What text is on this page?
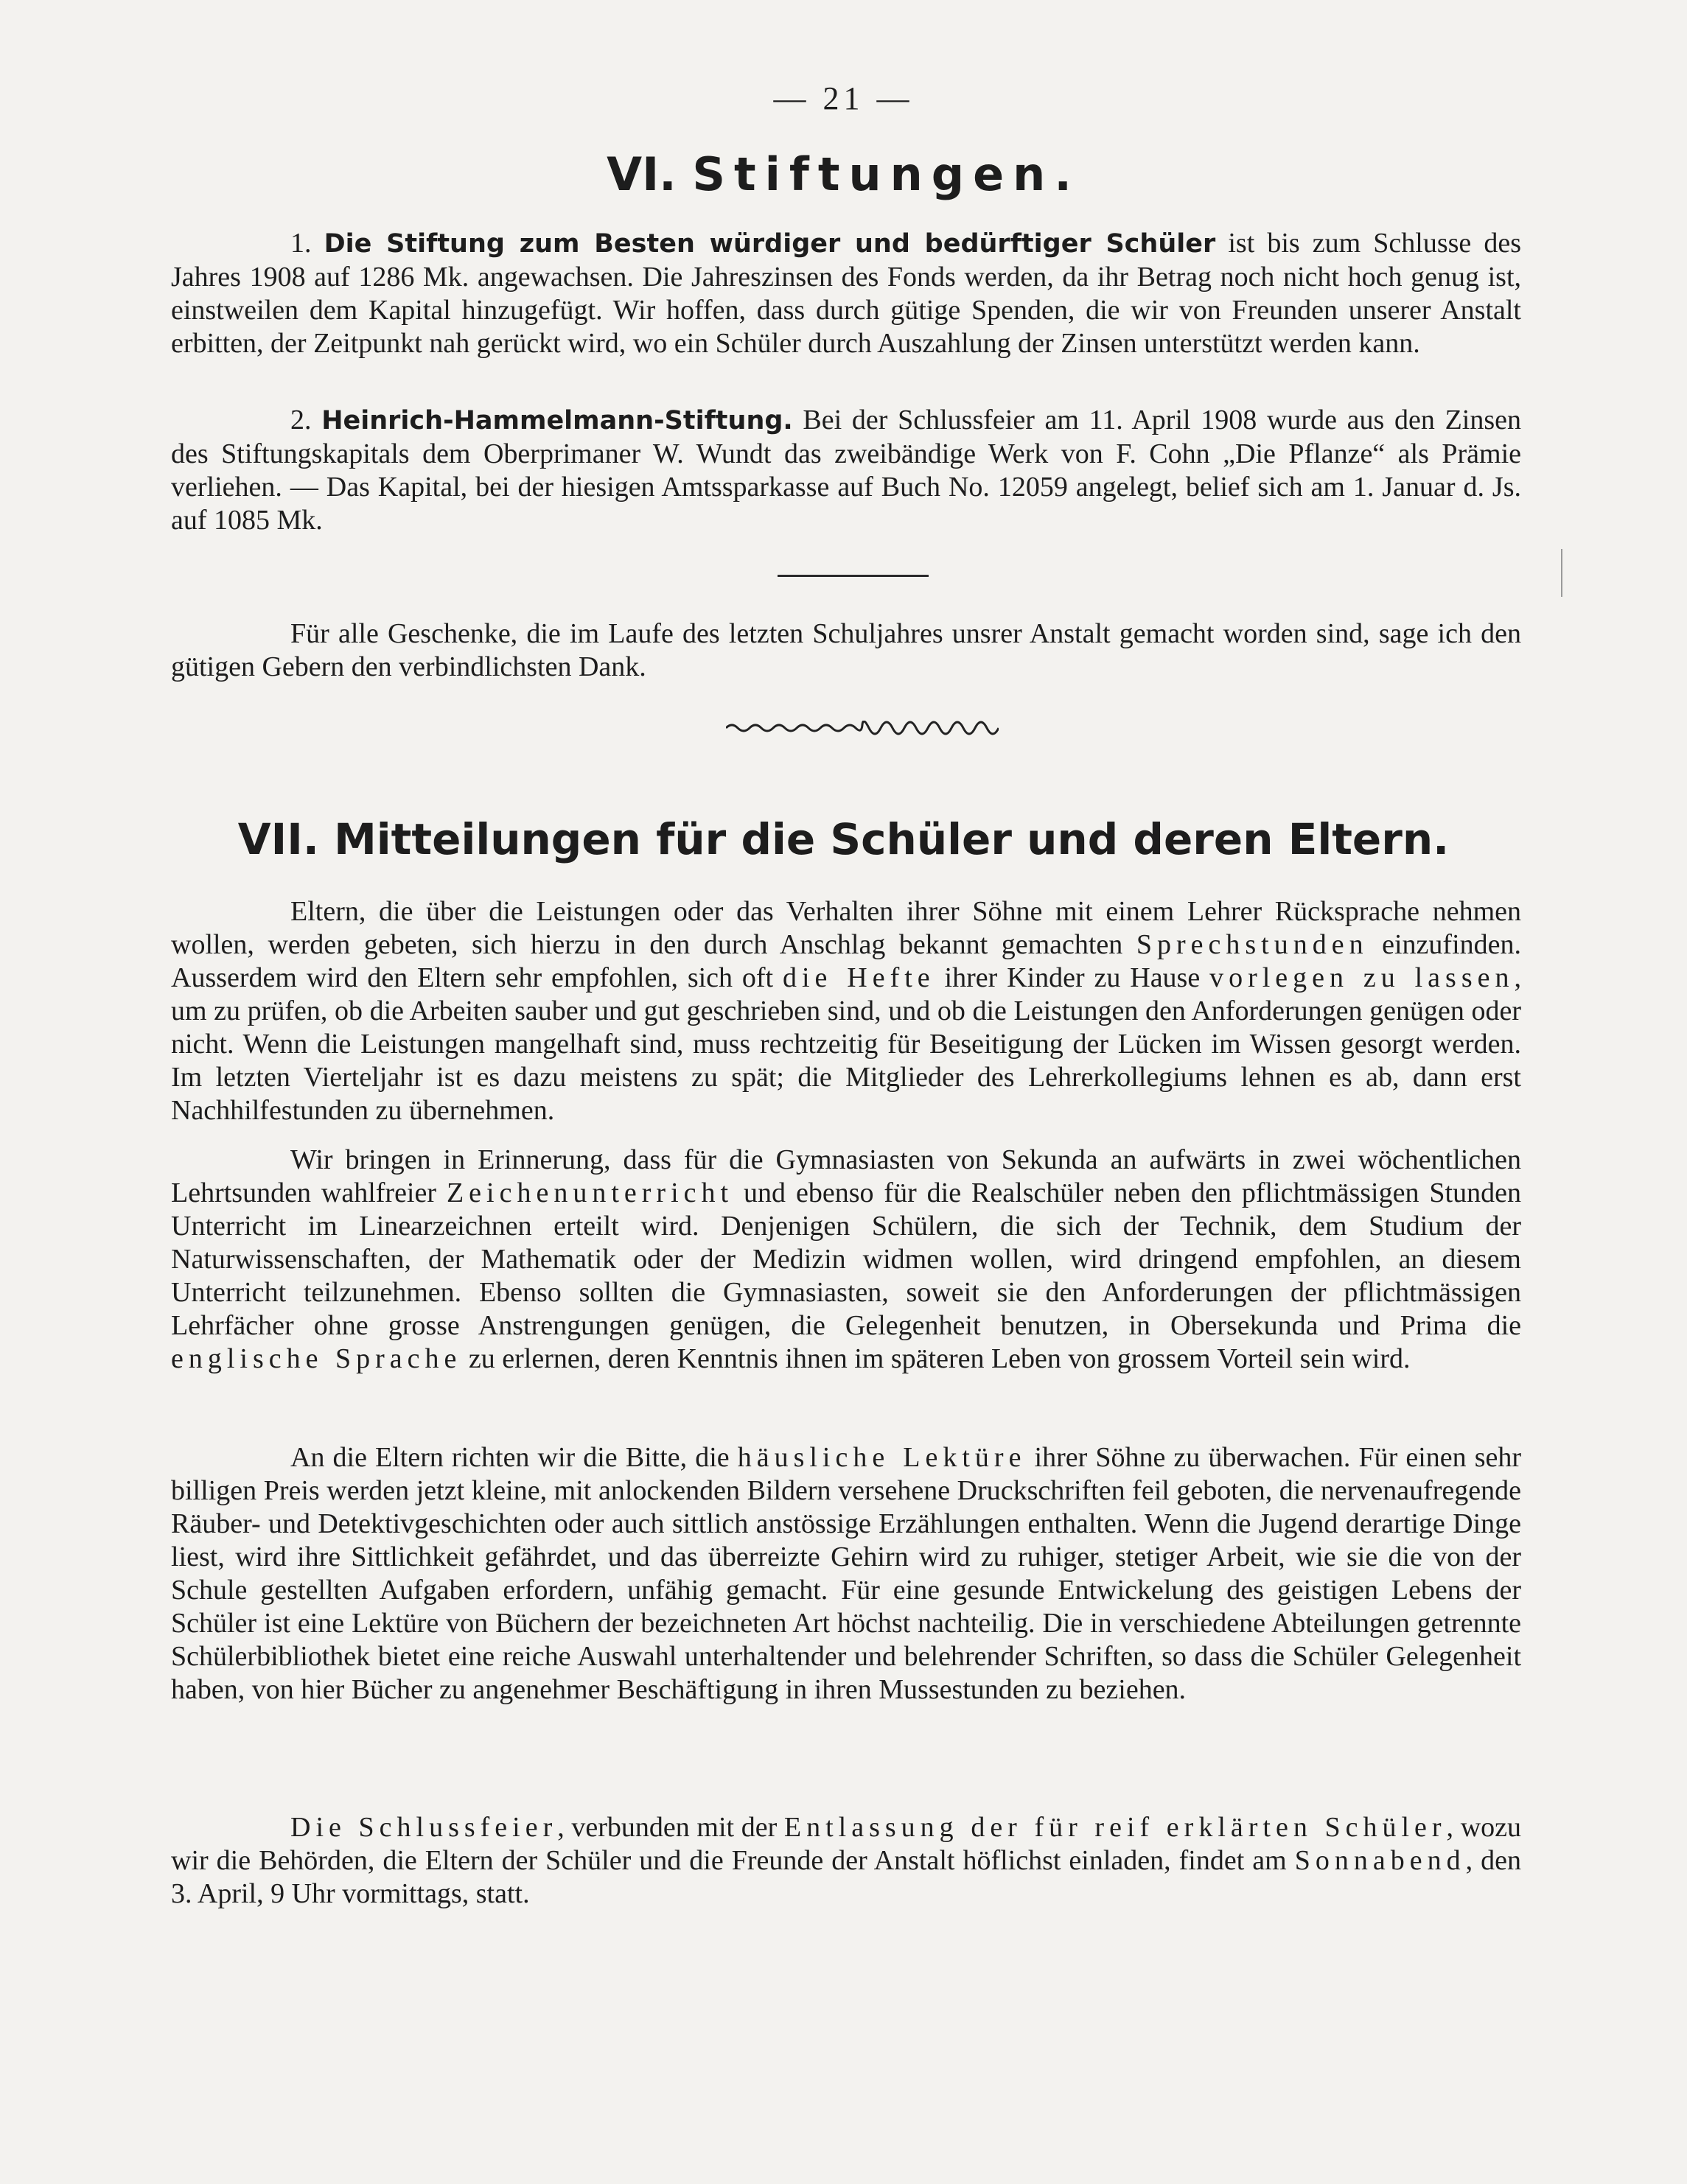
— 21 —
VI. Stiftungen.

1. Die Stiftung zum Besten würdiger und bedürftiger Schüler ist bis zum Schlusse des Jahres 1908 auf 1286 Mk. angewachsen. Die Jahreszinsen des Fonds werden, da ihr Betrag noch nicht hoch genug ist, einstweilen dem Kapital hinzugefügt. Wir hoffen, dass durch gütige Spenden, die wir von Freunden unserer Anstalt erbitten, der Zeitpunkt nah gerückt wird, wo ein Schüler durch Auszahlung der Zinsen unterstützt werden kann.

2. Heinrich-Hammelmann-Stiftung. Bei der Schlussfeier am 11. April 1908 wurde aus den Zinsen des Stiftungskapitals dem Oberprimaner W. Wundt das zweibändige Werk von F. Cohn „Die Pflanze“ als Prämie verliehen. — Das Kapital, bei der hiesigen Amtssparkasse auf Buch No. 12059 angelegt, belief sich am 1. Januar d. Js. auf 1085 Mk.

Für alle Geschenke, die im Laufe des letzten Schuljahres unsrer Anstalt gemacht worden sind, sage ich den gütigen Gebern den verbindlichsten Dank.

VII. Mitteilungen für die Schüler und deren Eltern.

Eltern, die über die Leistungen oder das Verhalten ihrer Söhne mit einem Lehrer Rücksprache nehmen wollen, werden gebeten, sich hierzu in den durch Anschlag bekannt gemachten Sprechstunden einzufinden. Ausserdem wird den Eltern sehr empfohlen, sich oft die Hefte ihrer Kinder zu Hause vorlegen zu lassen, um zu prüfen, ob die Arbeiten sauber und gut geschrieben sind, und ob die Leistungen den Anforderungen genügen oder nicht. Wenn die Leistungen mangelhaft sind, muss rechtzeitig für Beseitigung der Lücken im Wissen gesorgt werden. Im letzten Vierteljahr ist es dazu meistens zu spät; die Mitglieder des Lehrerkollegiums lehnen es ab, dann erst Nachhilfestunden zu übernehmen.

Wir bringen in Erinnerung, dass für die Gymnasiasten von Sekunda an aufwärts in zwei wöchentlichen Lehrtsunden wahlfreier Zeichenunterricht und ebenso für die Realschüler neben den pflichtmässigen Stunden Unterricht im Linearzeichnen erteilt wird. Denjenigen Schülern, die sich der Technik, dem Studium der Naturwissenschaften, der Mathematik oder der Medizin widmen wollen, wird dringend empfohlen, an diesem Unterricht teilzunehmen. Ebenso sollten die Gymnasiasten, soweit sie den Anforderungen der pflichtmässigen Lehrfächer ohne grosse Anstrengungen genügen, die Gelegenheit benutzen, in Obersekunda und Prima die englische Sprache zu erlernen, deren Kenntnis ihnen im späteren Leben von grossem Vorteil sein wird.

An die Eltern richten wir die Bitte, die häusliche Lektüre ihrer Söhne zu überwachen. Für einen sehr billigen Preis werden jetzt kleine, mit anlockenden Bildern versehene Druckschriften feil geboten, die nervenaufregende Räuber- und Detektivgeschichten oder auch sittlich anstössige Erzählungen enthalten. Wenn die Jugend derartige Dinge liest, wird ihre Sittlichkeit gefährdet, und das überreizte Gehirn wird zu ruhiger, stetiger Arbeit, wie sie die von der Schule gestellten Aufgaben erfordern, unfähig gemacht. Für eine gesunde Entwickelung des geistigen Lebens der Schüler ist eine Lektüre von Büchern der bezeichneten Art höchst nachteilig. Die in verschiedene Abteilungen getrennte Schülerbibliothek bietet eine reiche Auswahl unterhaltender und belehrender Schriften, so dass die Schüler Gelegenheit haben, von hier Bücher zu angenehmer Beschäftigung in ihren Mussestunden zu beziehen.

Die Schlussfeier, verbunden mit der Entlassung der für reif erklärten Schüler, wozu wir die Behörden, die Eltern der Schüler und die Freunde der Anstalt höflichst einladen, findet am Sonnabend, den 3. April, 9 Uhr vormittags, statt.
